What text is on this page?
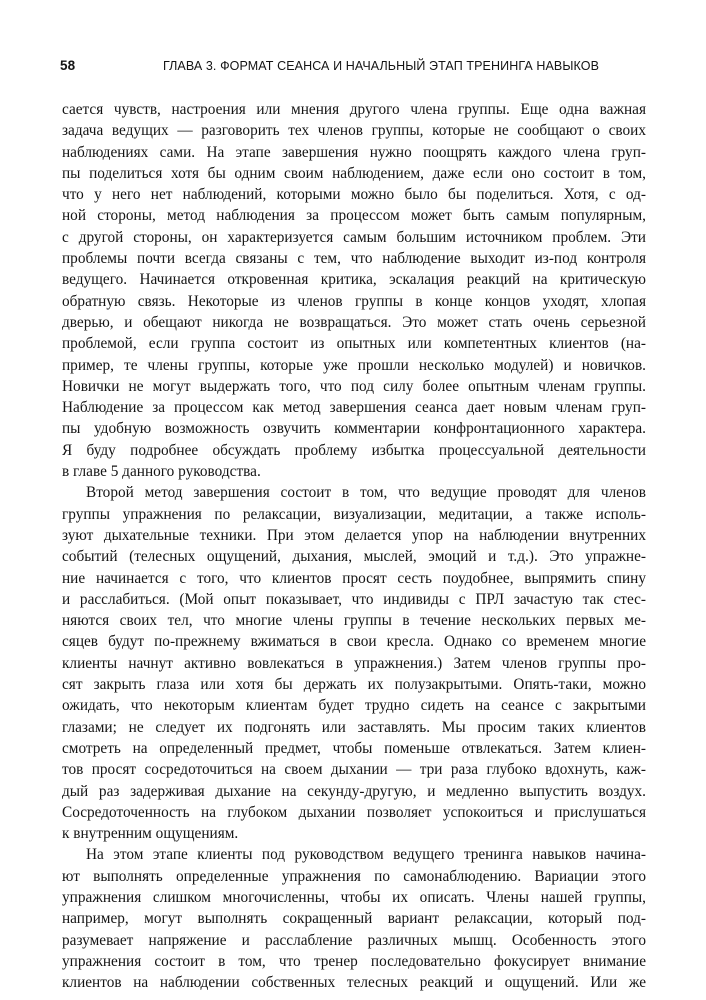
58	ГЛАВА 3. ФОРМАТ СЕАНСА И НАЧАЛЬНЫЙ ЭТАП ТРЕНИНГА НАВЫКОВ
сается чувств, настроения или мнения другого члена группы. Еще одна важная
задача ведущих — разговорить тех членов группы, которые не сообщают о своих
наблюдениях сами. На этапе завершения нужно поощрять каждого члена груп-
пы поделиться хотя бы одним своим наблюдением, даже если оно состоит в том,
что у него нет наблюдений, которыми можно было бы поделиться. Хотя, с од-
ной стороны, метод наблюдения за процессом может быть самым популярным,
с другой стороны, он характеризуется самым большим источником проблем. Эти
проблемы почти всегда связаны с тем, что наблюдение выходит из-под контроля
ведущего. Начинается откровенная критика, эскалация реакций на критическую
обратную связь. Некоторые из членов группы в конце концов уходят, хлопая
дверью, и обещают никогда не возвращаться. Это может стать очень серьезной
проблемой, если группа состоит из опытных или компетентных клиентов (на-
пример, те члены группы, которые уже прошли несколько модулей) и новичков.
Новички не могут выдержать того, что под силу более опытным членам группы.
Наблюдение за процессом как метод завершения сеанса дает новым членам груп-
пы удобную возможность озвучить комментарии конфронтационного характера.
Я буду подробнее обсуждать проблему избытка процессуальной деятельности
в главе 5 данного руководства.
Второй метод завершения состоит в том, что ведущие проводят для членов
группы упражнения по релаксации, визуализации, медитации, а также исполь-
зуют дыхательные техники. При этом делается упор на наблюдении внутренних
событий (телесных ощущений, дыхания, мыслей, эмоций и т.д.). Это упражне-
ние начинается с того, что клиентов просят сесть поудобнее, выпрямить спину
и расслабиться. (Мой опыт показывает, что индивиды с ПРЛ зачастую так стес-
няются своих тел, что многие члены группы в течение нескольких первых ме-
сяцев будут по-прежнему вжиматься в свои кресла. Однако со временем многие
клиенты начнут активно вовлекаться в упражнения.) Затем членов группы про-
сят закрыть глаза или хотя бы держать их полузакрытыми. Опять-таки, можно
ожидать, что некоторым клиентам будет трудно сидеть на сеансе с закрытыми
глазами; не следует их подгонять или заставлять. Мы просим таких клиентов
смотреть на определенный предмет, чтобы поменьше отвлекаться. Затем клиен-
тов просят сосредоточиться на своем дыхании — три раза глубоко вдохнуть, каж-
дый раз задерживая дыхание на секунду-другую, и медленно выпустить воздух.
Сосредоточенность на глубоком дыхании позволяет успокоиться и прислушаться
к внутренним ощущениям.
На этом этапе клиенты под руководством ведущего тренинга навыков начина-
ют выполнять определенные упражнения по самонаблюдению. Вариации этого
упражнения слишком многочисленны, чтобы их описать. Члены нашей группы,
например, могут выполнять сокращенный вариант релаксации, который под-
разумевает напряжение и расслабление различных мышц. Особенность этого
упражнения состоит в том, что тренер последовательно фокусирует внимание
клиентов на наблюдении собственных телесных реакций и ощущений. Или же
